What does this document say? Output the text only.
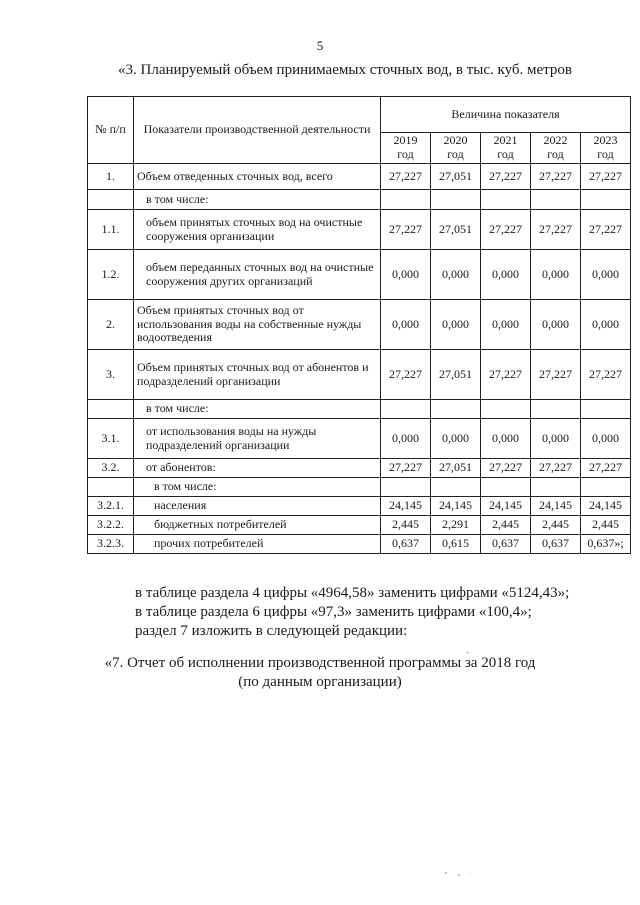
5
«3. Планируемый объем принимаемых сточных вод, в тыс. куб. метров
№ п/п	Показатели производственной деятельности	Величина показателя				
		2019 год	2020 год	2021 год	2022 год	2023 год
1.	Объем отведенных сточных вод, всего	27,227	27,051	27,227	27,227	27,227
	в том числе:					
1.1.	объем принятых сточных вод на очистные сооружения организации	27,227	27,051	27,227	27,227	27,227
1.2.	объем переданных сточных вод на очистные сооружения других организаций	0,000	0,000	0,000	0,000	0,000
2.	Объем принятых сточных вод от использования воды на собственные нужды водоотведения	0,000	0,000	0,000	0,000	0,000
3.	Объем принятых сточных вод от абонентов и подразделений организации	27,227	27,051	27,227	27,227	27,227
	в том числе:					
3.1.	от использования воды на нужды подразделений организации	0,000	0,000	0,000	0,000	0,000
3.2.	от абонентов:	27,227	27,051	27,227	27,227	27,227
	в том числе:					
3.2.1.	населения	24,145	24,145	24,145	24,145	24,145
3.2.2.	бюджетных потребителей	2,445	2,291	2,445	2,445	2,445
3.2.3.	прочих потребителей	0,637	0,615	0,637	0,637	0,637»;
в таблице раздела 4 цифры «4964,58» заменить цифрами «5124,43»;
в таблице раздела 6 цифры «97,3» заменить цифрами «100,4»;
раздел 7 изложить в следующей редакции:
ˏ
«7. Отчет об исполнении производственной программы за 2018 год
(по данным организации)
